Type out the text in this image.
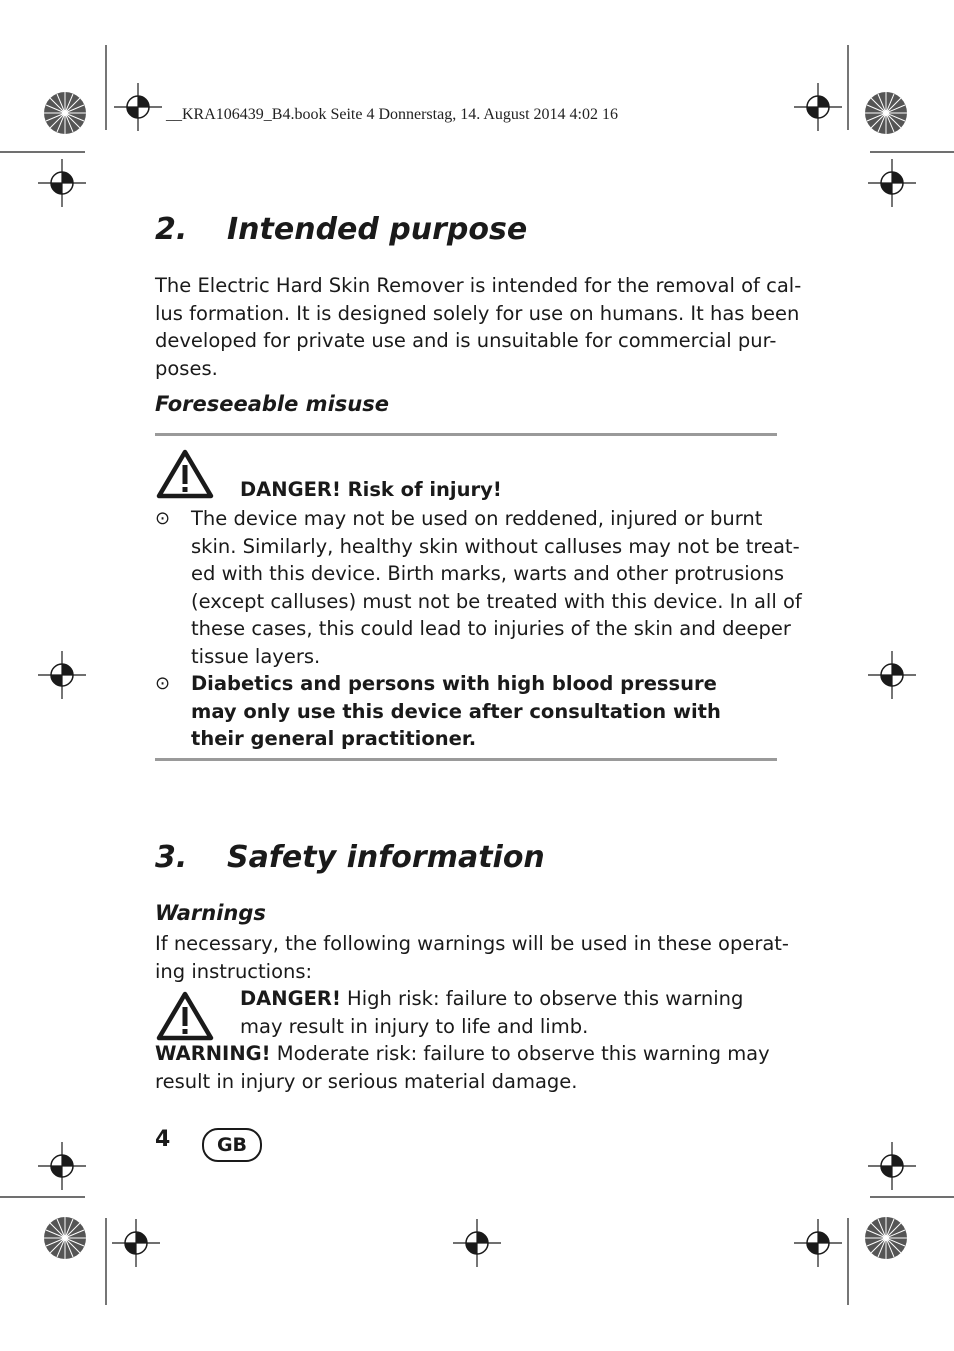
__KRA106439_B4.book Seite 4 Donnerstag, 14. August 2014 4:02 16
2. Intended purpose
The Electric Hard Skin Remover is intended for the removal of cal-
lus formation. It is designed solely for use on humans. It has been
developed for private use and is unsuitable for commercial pur-
poses.
Foreseeable misuse
DANGER! Risk of injury!
⊙	The device may not be used on reddened, injured or burnt
skin. Similarly, healthy skin without calluses may not be treat-
ed with this device. Birth marks, warts and other protrusions
(except calluses) must not be treated with this device. In all of
these cases, this could lead to injuries of the skin and deeper
tissue layers.
⊙	Diabetics and persons with high blood pressure
may only use this device after consultation with
their general practitioner.
3. Safety information
Warnings
If necessary, the following warnings will be used in these operat-
ing instructions:
DANGER! High risk: failure to observe this warning
may result in injury to life and limb.
WARNING! Moderate risk: failure to observe this warning may
result in injury or serious material damage.
4	GB
